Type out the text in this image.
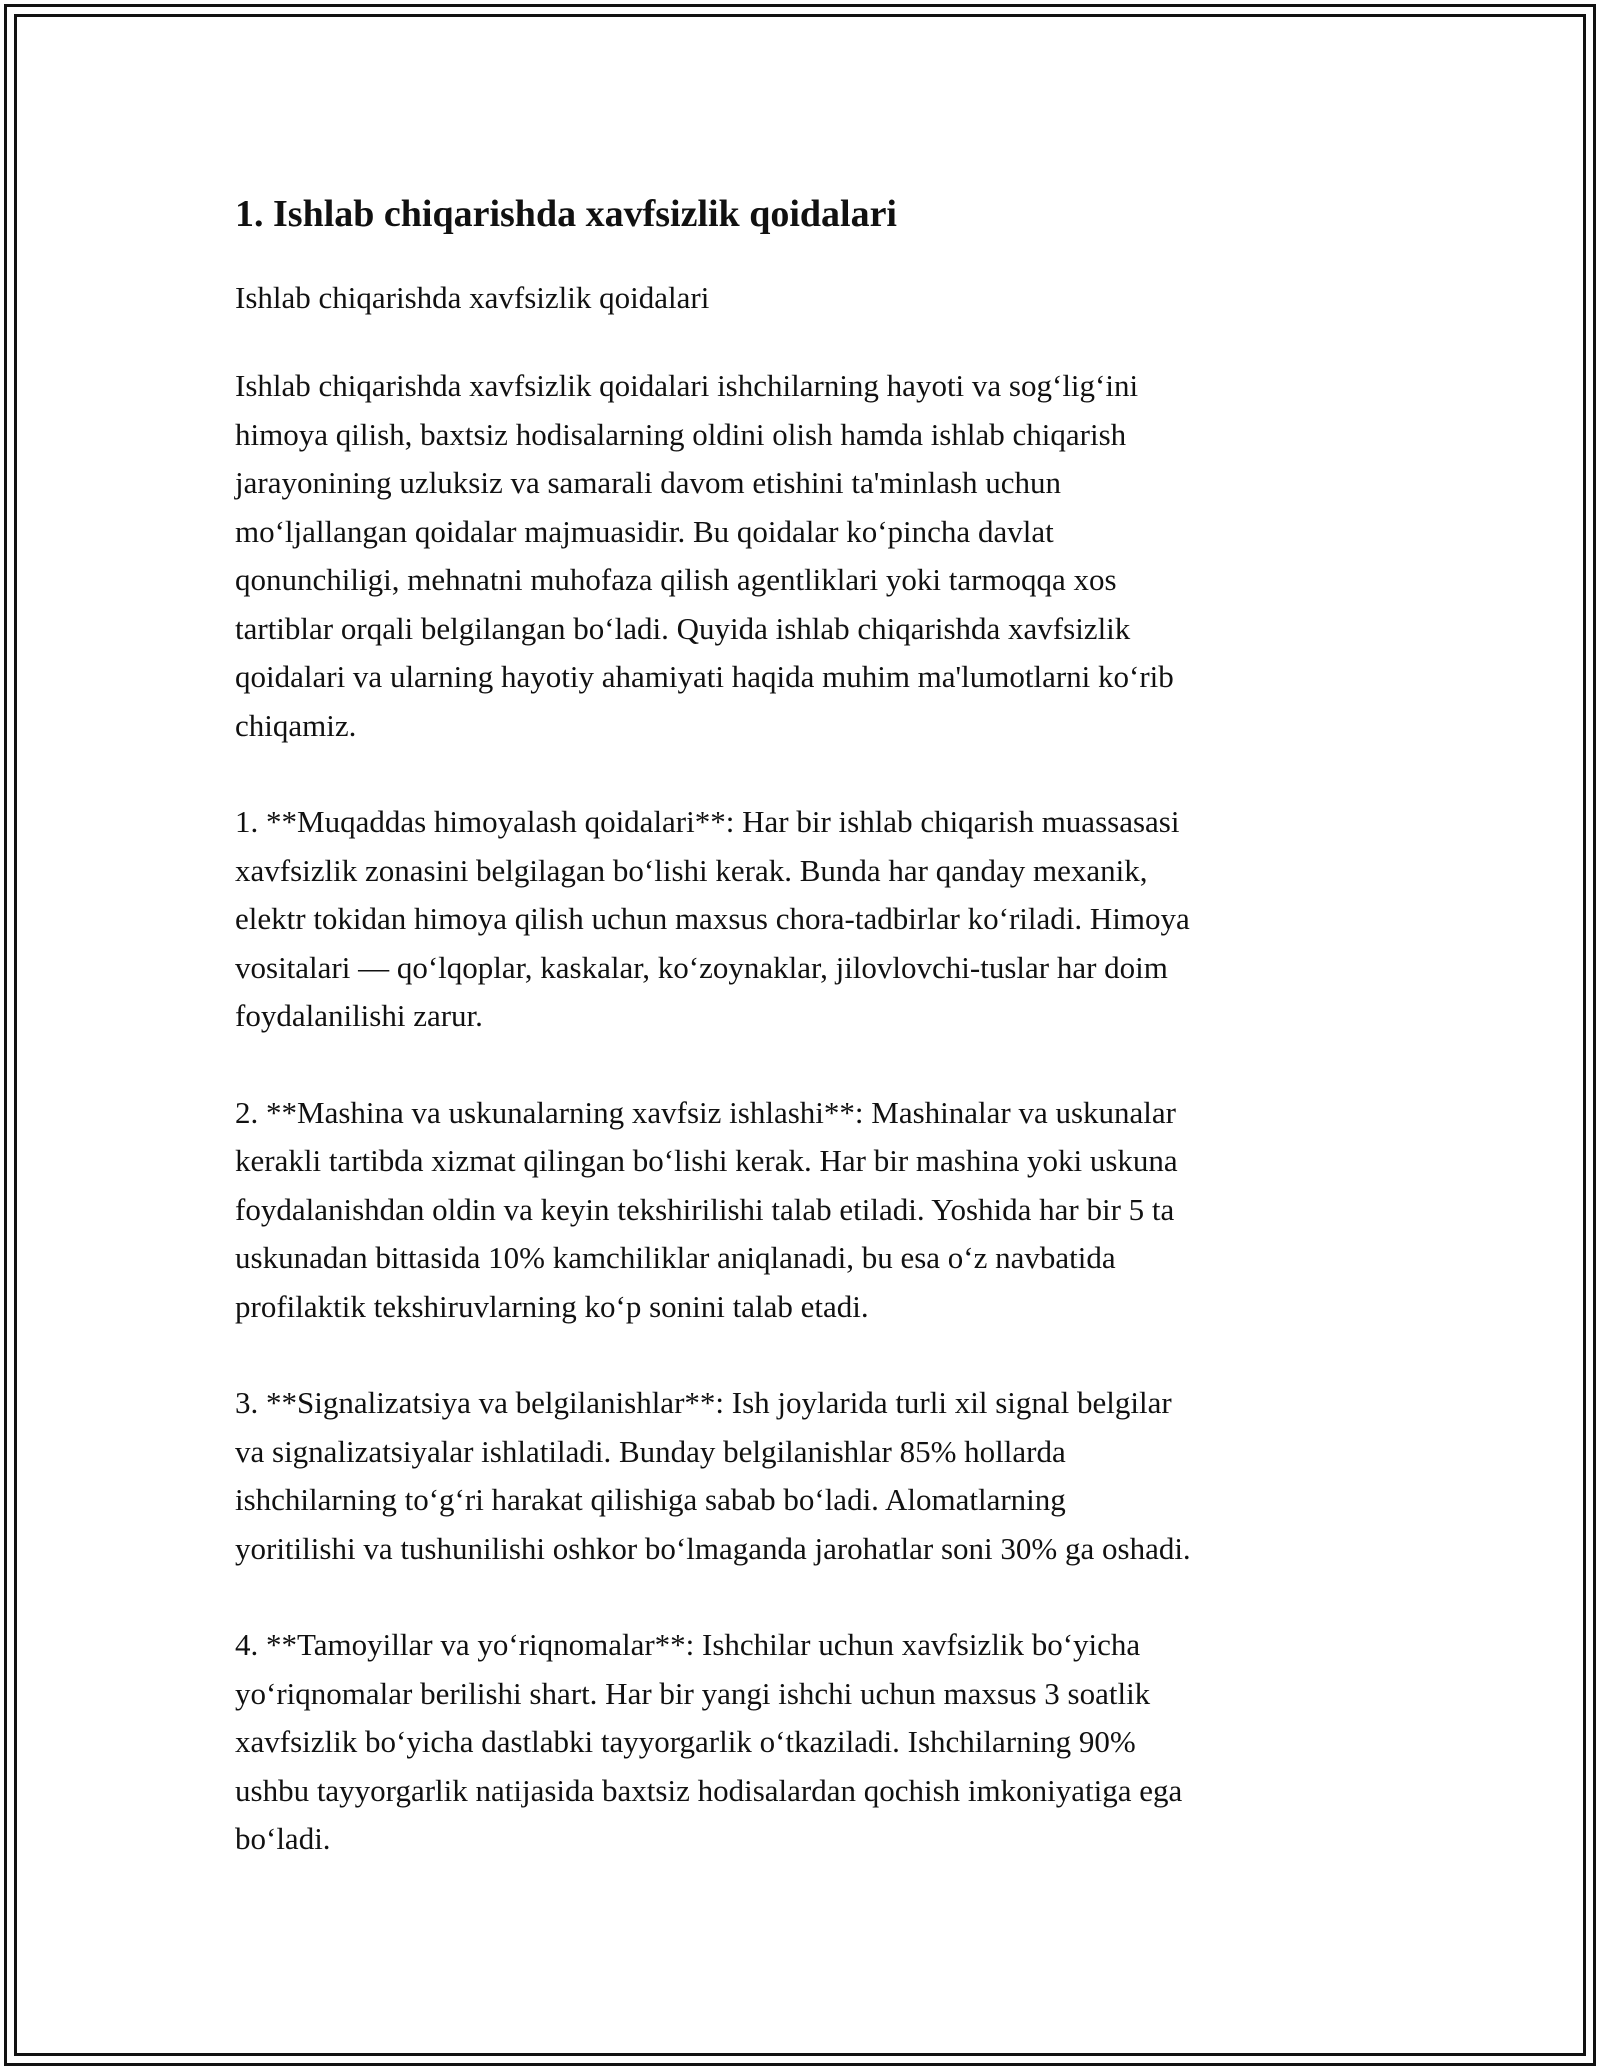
1. Ishlab chiqarishda xavfsizlik qoidalari

Ishlab chiqarishda xavfsizlik qoidalari

Ishlab chiqarishda xavfsizlik qoidalari ishchilarning hayoti va sog‘lig‘ini
himoya qilish, baxtsiz hodisalarning oldini olish hamda ishlab chiqarish
jarayonining uzluksiz va samarali davom etishini ta'minlash uchun
mo‘ljallangan qoidalar majmuasidir. Bu qoidalar ko‘pincha davlat
qonunchiligi, mehnatni muhofaza qilish agentliklari yoki tarmoqqa xos
tartiblar orqali belgilangan bo‘ladi. Quyida ishlab chiqarishda xavfsizlik
qoidalari va ularning hayotiy ahamiyati haqida muhim ma'lumotlarni ko‘rib
chiqamiz.

1. **Muqaddas himoyalash qoidalari**: Har bir ishlab chiqarish muassasasi
xavfsizlik zonasini belgilagan bo‘lishi kerak. Bunda har qanday mexanik,
elektr tokidan himoya qilish uchun maxsus chora-tadbirlar ko‘riladi. Himoya
vositalari — qo‘lqoplar, kaskalar, ko‘zoynaklar, jilovlovchi-tuslar har doim
foydalanilishi zarur.

2. **Mashina va uskunalarning xavfsiz ishlashi**: Mashinalar va uskunalar
kerakli tartibda xizmat qilingan bo‘lishi kerak. Har bir mashina yoki uskuna
foydalanishdan oldin va keyin tekshirilishi talab etiladi. Yoshida har bir 5 ta
uskunadan bittasida 10% kamchiliklar aniqlanadi, bu esa o‘z navbatida
profilaktik tekshiruvlarning ko‘p sonini talab etadi.

3. **Signalizatsiya va belgilanishlar**: Ish joylarida turli xil signal belgilar
va signalizatsiyalar ishlatiladi. Bunday belgilanishlar 85% hollarda
ishchilarning to‘g‘ri harakat qilishiga sabab bo‘ladi. Alomatlarning
yoritilishi va tushunilishi oshkor bo‘lmaganda jarohatlar soni 30% ga oshadi.

4. **Tamoyillar va yo‘riqnomalar**: Ishchilar uchun xavfsizlik bo‘yicha
yo‘riqnomalar berilishi shart. Har bir yangi ishchi uchun maxsus 3 soatlik
xavfsizlik bo‘yicha dastlabki tayyorgarlik o‘tkaziladi. Ishchilarning 90%
ushbu tayyorgarlik natijasida baxtsiz hodisalardan qochish imkoniyatiga ega
bo‘ladi.
